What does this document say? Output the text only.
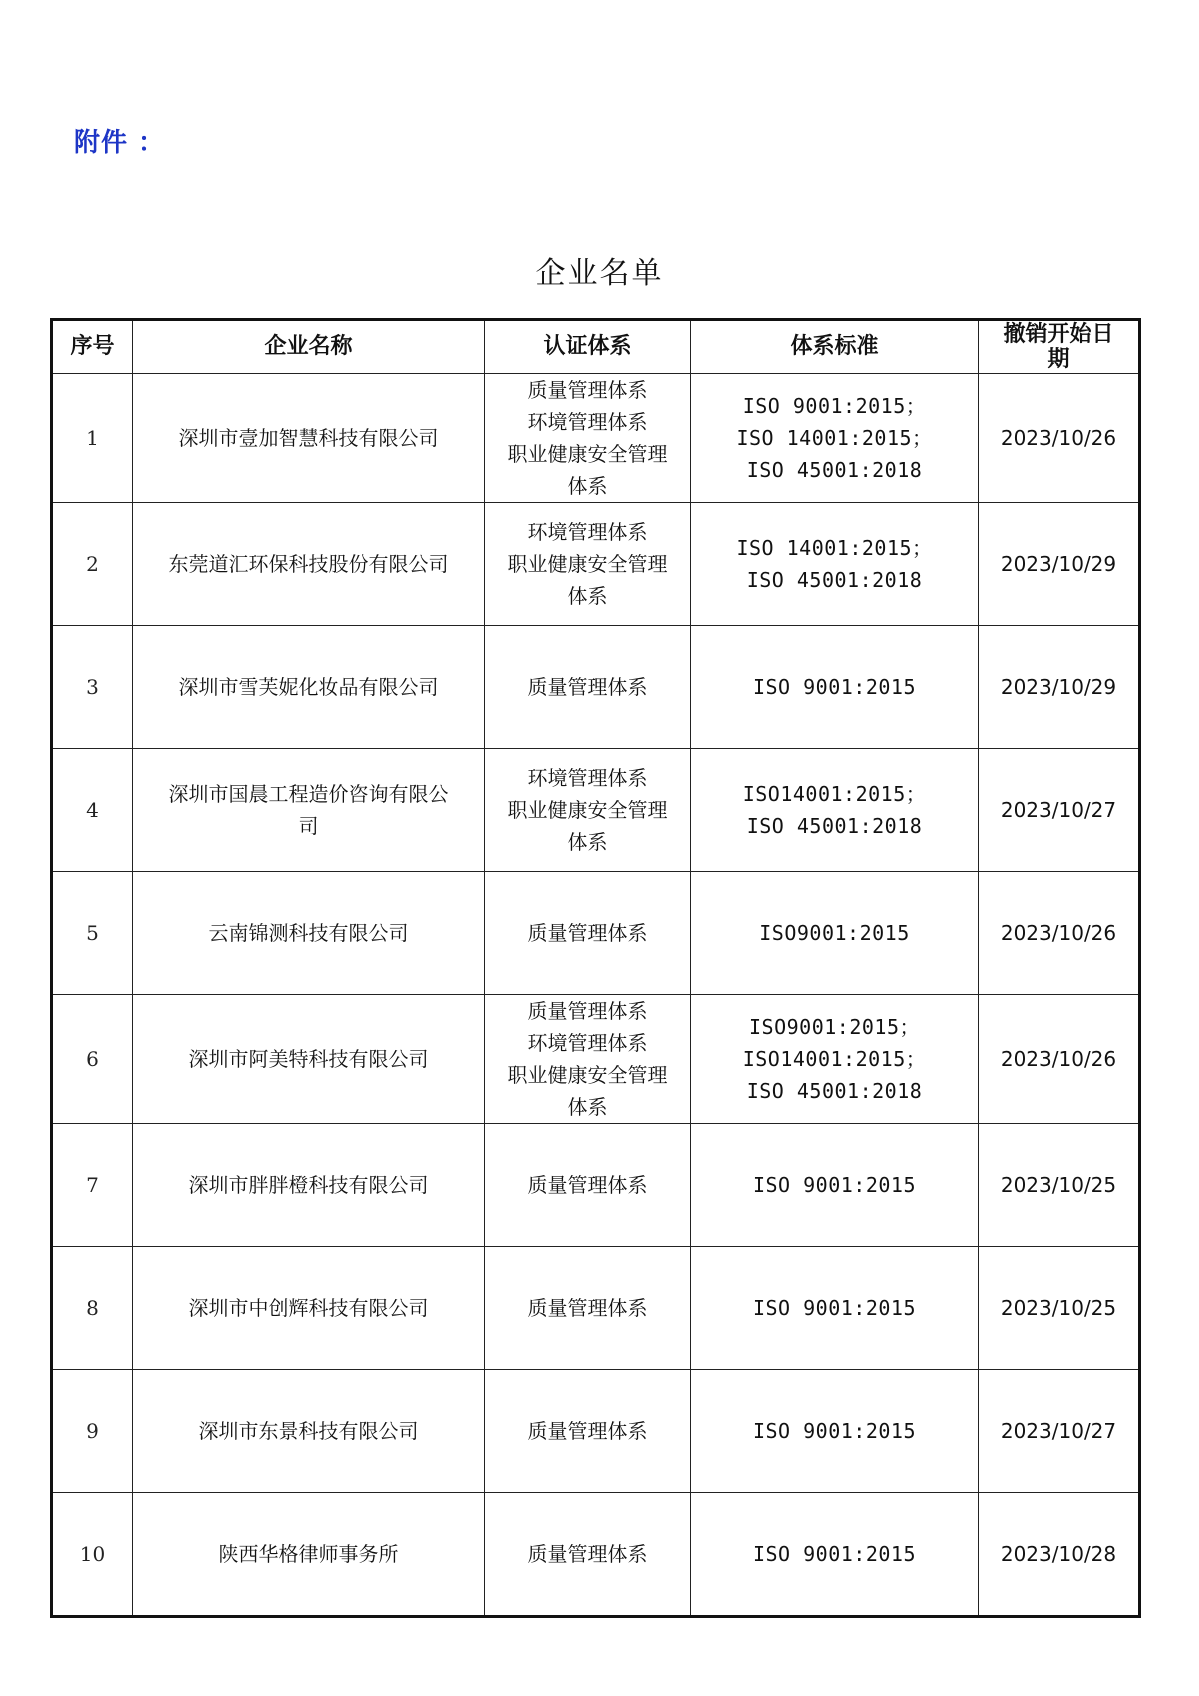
附件 ：
企业名单
序号	企业名称	认证体系	体系标准	撤销开始日
期

1	深圳市壹加智慧科技有限公司	质量管理体系
环境管理体系
职业健康安全管理
体系	ISO 9001:2015；
ISO 14001:2015；
ISO 45001:2018	2023/10/26
2	东莞道汇环保科技股份有限公司	环境管理体系
职业健康安全管理
体系	ISO 14001:2015；
ISO 45001:2018	2023/10/29
3	深圳市雪芙妮化妆品有限公司	质量管理体系	ISO 9001:2015	2023/10/29
4	深圳市国晨工程造价咨询有限公
司	环境管理体系
职业健康安全管理
体系	ISO14001:2015；
ISO 45001:2018	2023/10/27
5	云南锦测科技有限公司	质量管理体系	ISO9001:2015	2023/10/26
6	深圳市阿美特科技有限公司	质量管理体系
环境管理体系
职业健康安全管理
体系	ISO9001:2015；
ISO14001:2015；
ISO 45001:2018	2023/10/26
7	深圳市胖胖橙科技有限公司	质量管理体系	ISO 9001:2015	2023/10/25
8	深圳市中创辉科技有限公司	质量管理体系	ISO 9001:2015	2023/10/25
9	深圳市东景科技有限公司	质量管理体系	ISO 9001:2015	2023/10/27
10	陕西华格律师事务所	质量管理体系	ISO 9001:2015	2023/10/28
